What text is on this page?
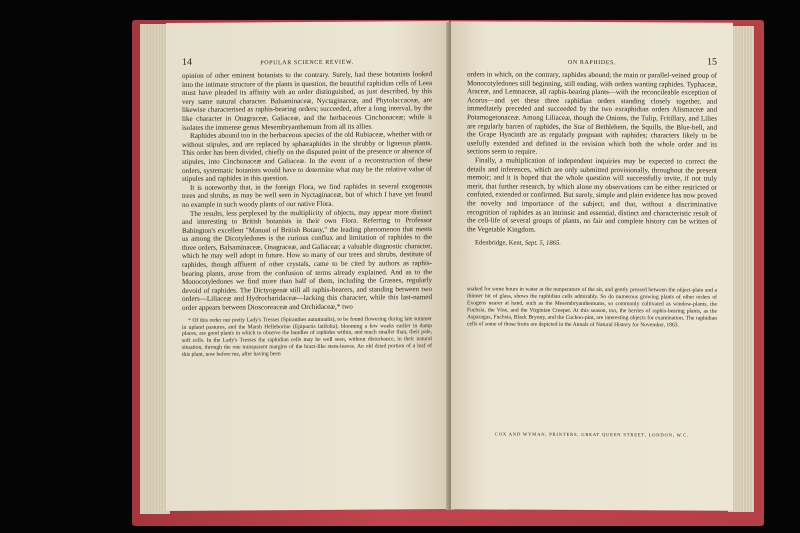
14	POPULAR SCIENCE REVIEW.

opinion of other eminent botanists to the contrary. Surely, had these botanists looked into the intimate structure of the plants in question, the beautiful raphidian cells of Leea must have pleaded its affinity with an order distinguished, as just described, by this very same natural character. Balsaminaceæ, Nyctaginaceæ, and Phytolaccaceæ, are likewise characterised as raphis-bearing orders; succeeded, after a long interval, by the like character in Onagraceæ, Galiaceæ, and the herbaceous Cinchonaceæ; while it isolates the immense genus Mesembryanthemum from all its allies.

Raphides abound too in the herbaceous species of the old Rubiaceæ, whether with or without stipules, and are replaced by sphæraphides in the shrubby or ligneous plants. This order has been divided, chiefly on the disputed point of the presence or absence of stipules, into Cinchonaceæ and Galiaceæ. In the event of a reconstruction of these orders, systematic botanists would have to determine what may be the relative value of stipules and raphides in this question.

It is noteworthy that, in the foreign Flora, we find raphides in several exogenous trees and shrubs, as may be well seen in Nyctaginaceæ, but of which I have yet found no example in such woody plants of our native Flora.

The results, less perplexed by the multiplicity of objects, may appear more distinct and interesting to British botanists in their own Flora. Referring to Professor Babington's excellent "Manual of British Botany," the leading phenomenon that meets us among the Dicotyledones is the curious conflux and limitation of raphides to the three orders, Balsaminaceæ, Onagraceæ, and Galiaceæ; a valuable diagnostic character, which he may well adopt in future. How so many of our trees and shrubs, destitute of raphides, though affluent of other crystals, came to be cited by authors as raphis-bearing plants, arose from the confusion of terms already explained. And as to the Monocotyledones we find more than half of them, including the Grasses, regularly devoid of raphides. The Dictyogenæ still all raphis-bearers, and standing between two orders—Liliaceæ and Hydrocharidaceæ—lacking this character, while this last-named order appears between Dioscoreaceæ and Orchidaceæ,* two

* Of this order our pretty Lady's Tresses (Spiranthes autumnalis), to be found flowering during late summer in upland pastures, and the Marsh Helleborine (Epipactis latifolia), blooming a few weeks earlier in damp places, are good plants in which to observe the bundles of raphides within, and much smaller than, their pale, soft cells. In the Lady's Tresses the raphidian cells may be well seen, without disturbance, in their natural situation, through the one transparent margins of the bract-like stem-leaves. An old dried portion of a leaf of this plant, now before me, after having been

ON RAPHIDES.	15

orders in which, on the contrary, raphides abound; the main or parallel-veined group of Monocotyledones still beginning, still ending, with orders wanting raphides. Typhaceæ, Araceæ, and Lemnaceæ, all raphis-bearing plants—with the reconcileable exception of Acorus—and yet these three raphidian orders standing closely together, and immediately preceded and succeeded by the two exraphidian orders Alismaceæ and Potamogetonaceæ. Among Liliaceæ, though the Onions, the Tulip, Fritillary, and Lilies are regularly barren of raphides, the Star of Bethlehem, the Squills, the Blue-bell, and the Grape Hyacinth are as regularly pregnant with raphides; characters likely to be usefully extended and defined in the revision which both the whole order and its sections seem to require.

Finally, a multiplication of independent inquiries may be expected to correct the details and inferences, which are only submitted provisionally, throughout the present memoir; and it is hoped that the whole question will successfully invite, if not truly merit, that further research, by which alone my observations can be either restricted or confuted, extended or confirmed. But surely, simple and plain evidence has now proved the novelty and importance of the subject; and that, without a discriminative recognition of raphides as an intrinsic and essential, distinct and characteristic result of the cell-life of several groups of plants, no fair and complete history can be written of the Vegetable Kingdom.

Edenbridge, Kent, Sept. 5, 1865.

soaked for some hours in water at the temperature of the air, and gently pressed between the object-plate and a thinner bit of glass, shows the raphidian cells admirably. So do numerous growing plants of other orders of Exogens nearer at hand, such as the Mesembryanthemums, so commonly cultivated as window-plants, the Fuchsia, the Vine, and the Virginian Creeper. At this season, too, the berries of raphis-bearing plants, as the Asparagus, Fuchsia, Black Bryony, and the Cuckoo-pint, are interesting objects for examination. The raphidian cells of some of those fruits are depicted in the Annals of Natural History for November, 1863.

COX AND WYMAN, PRINTERS, GREAT QUEEN STREET, LONDON, W.C.
